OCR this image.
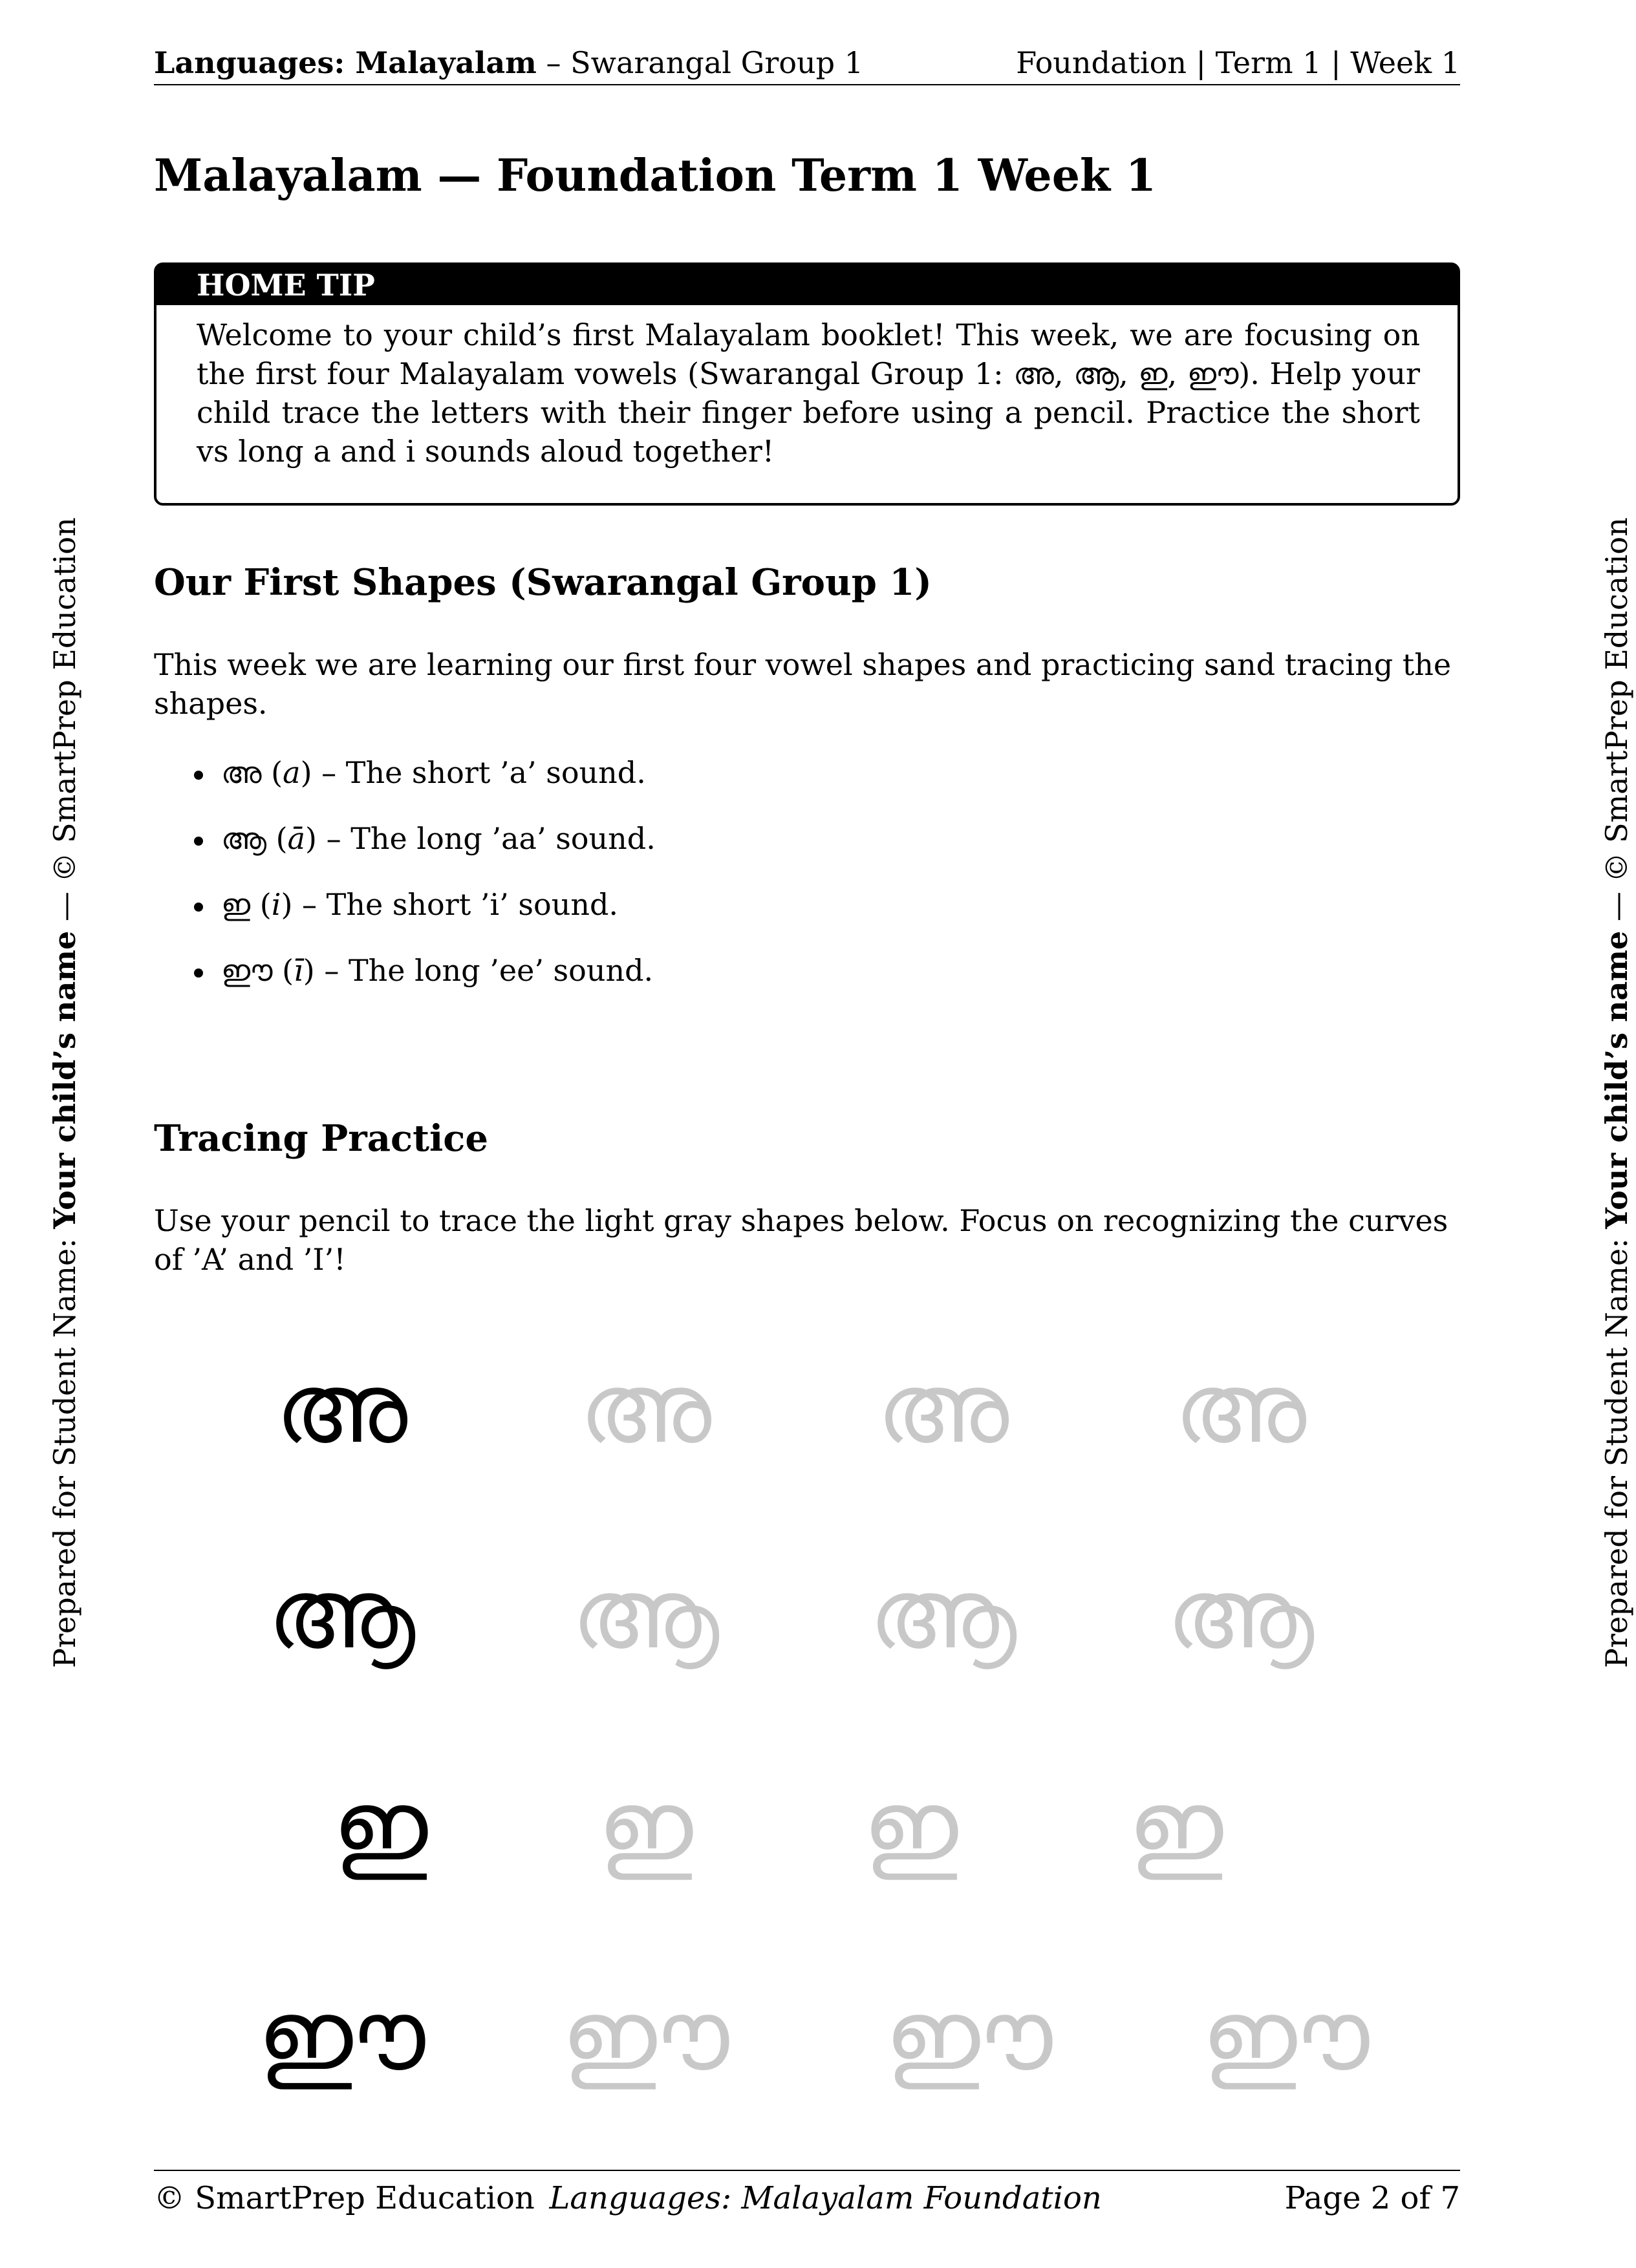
Languages: Malayalam – Swarangal Group 1	Foundation | Term 1 | Week 1
Malayalam — Foundation Term 1 Week 1
HOME TIP
Welcome to your child’s first Malayalam booklet! This week, we are focusing on the first four Malayalam vowels (Swarangal Group 1: അ, ആ, ഇ, ഈ). Help your child trace the letters with their finger before using a pencil. Practice the short vs long a and i sounds aloud together!
Our First Shapes (Swarangal Group 1)

This week we are learning our first four vowel shapes and practicing sand tracing the shapes.

അ (a) – The short ’a’ sound.
ആ (ā) – The long ’aa’ sound.
ഇ (i) – The short ’i’ sound.
ഈ (ī) – The long ’ee’ sound.
Tracing Practice

Use your pencil to trace the light gray shapes below. Focus on recognizing the curves of ’A’ and ’I’!

അ	അ	അ	അ
ആ	ആ	ആ	ആ
ഇ	ഇ	ഇ	ഇ
ഈ	ഈ	ഈ	ഈ
Prepared for Student Name: Your child’s name — © SmartPrep Education
Prepared for Student Name: Your child’s name — © SmartPrep Education
© SmartPrep Education Languages: Malayalam Foundation	Page 2 of 7
